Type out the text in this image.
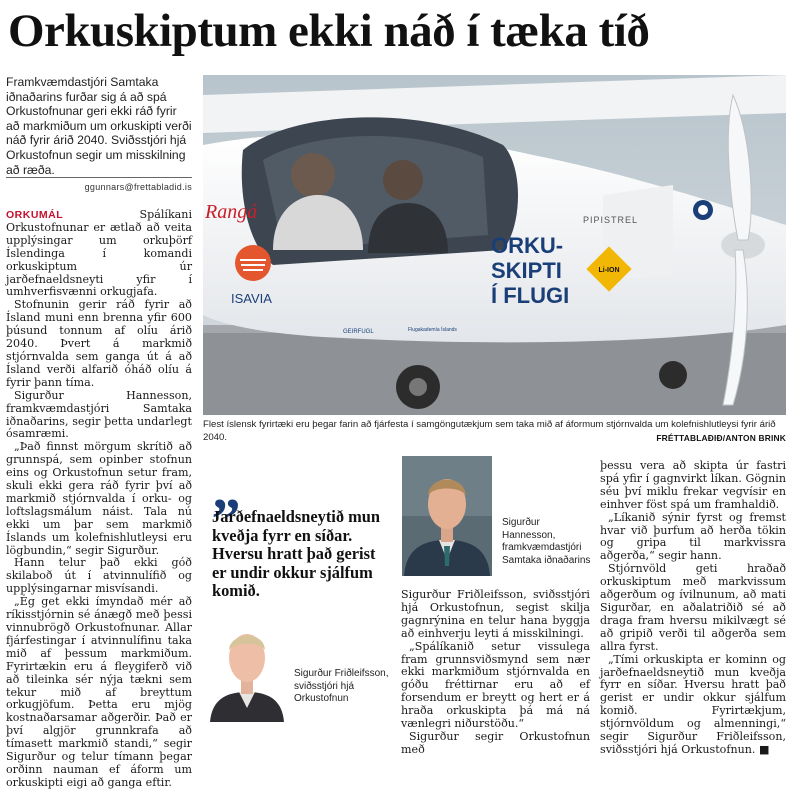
Orkuskiptum ekki náð í tæka tíð
Framkvæmdastjóri Samtaka iðnaðarins furðar sig á að spá Orkustofnunar geri ekki ráð fyrir að markmiðum um orkuskipti verði náð fyrir árið 2040. Sviðsstjóri hjá Orkustofnun segir um misskilning að ræða.
ggunnars@frettabladid.is

ORKUMÁL	Spálíkani Orkustofnunar er ætlað að veita upplýsingar um orkuþörf Íslendinga í komandi orkuskiptum úr jarðefnaeldsneyti yfir í umhverfisvænni orkugjafa.

Stofnunin gerir ráð fyrir að Ísland muni enn brenna yfir 600 þúsund tonnum af olíu árið 2040. Þvert á markmið stjórnvalda sem ganga út á að Ísland verði alfarið óháð olíu á fyrir þann tíma.

Sigurður Hannesson, framkvæmdastjóri Samtaka iðnaðarins, segir þetta undarlegt ósamræmi.

„Það finnst mörgum skrítið að grunnspá, sem opinber stofnun eins og Orkustofnun setur fram, skuli ekki gera ráð fyrir því að markmið stjórnvalda í orku- og loftslagsmálum náist. Tala nú ekki um þar sem markmið Íslands um kolefnishlutleysi eru lögbundin,“ segir Sigurður.

Hann telur það ekki góð skilaboð út í atvinnulífið og upplýsingarnar misvísandi.

„Ég get ekki ímyndað mér að ríkisstjórnin sé ánægð með þessi vinnubrögð Orkustofnunar. Allar fjárfestingar í atvinnulífinu taka mið af þessum markmiðum. Fyrirtækin eru á fleygiferð við að tileinka sér nýja tækni sem tekur mið af breyttum orkugjöfum. Þetta eru mjög kostnaðarsamar aðgerðir. Það er því algjör grunnkrafa að tímasett markmið standi,“ segir Sigurður og telur tímann þegar orðinn nauman ef áform um orkuskipti eigi að ganga eftir.

Li-ION
ORKU-
SKIPTI
Í FLUGI
Rangá
ISAVIA
PIPISTREL
GEIRFUGL	Flugakademía Íslands
Flest íslensk fyrirtæki eru þegar farin að fjárfesta í samgöngutækjum sem taka mið af áformum stjórnvalda um kolefnishlutleysi fyrir árið 2040.	FRÉTTABLAÐIÐ/ANTON BRINK
„
Jarðefnaeldsneytið mun kveðja fyrr en síðar. Hversu hratt það gerist er undir okkur sjálfum komið.
Sigurður Friðleifsson, sviðsstjóri hjá Orkustofnun
Sigurður Hannesson, framkvæmdastjóri Samtaka iðnaðarins

Sigurður Friðleifsson, sviðsstjóri hjá Orkustofnun, segist skilja gagnrýnina en telur hana byggja að einhverju leyti á misskilningi.

„Spálíkanið setur vissulega fram grunnsviðsmynd sem nær ekki markmiðum stjórnvalda en góðu fréttirnar eru að ef forsendum er breytt og hert er á hraða orkuskipta þá má ná vænlegri niðurstöðu.“

Sigurður segir Orkustofnun með

þessu vera að skipta úr fastri spá yfir í gagnvirkt líkan. Gögnin séu því miklu frekar vegvísir en einhver föst spá um framhaldið.

„Líkanið sýnir fyrst og fremst hvar við þurfum að herða tökin og gripa til markvissra aðgerða,“ segir hann.

Stjórnvöld geti hraðað orkuskiptum með markvissum aðgerðum og ívilnunum, að mati Sigurðar, en aðalatriðið sé að draga fram hversu mikilvægt sé að gripið verði til aðgerða sem allra fyrst.

„Tími orkuskipta er kominn og jarðefnaeldsneytið mun kveðja fyrr en síðar. Hversu hratt það gerist er undir okkur sjálfum komið. Fyrirtækjum, stjórnvöldum og almenningi,“ segir Sigurður Friðleifsson, sviðsstjóri hjá Orkustofnun. ■
